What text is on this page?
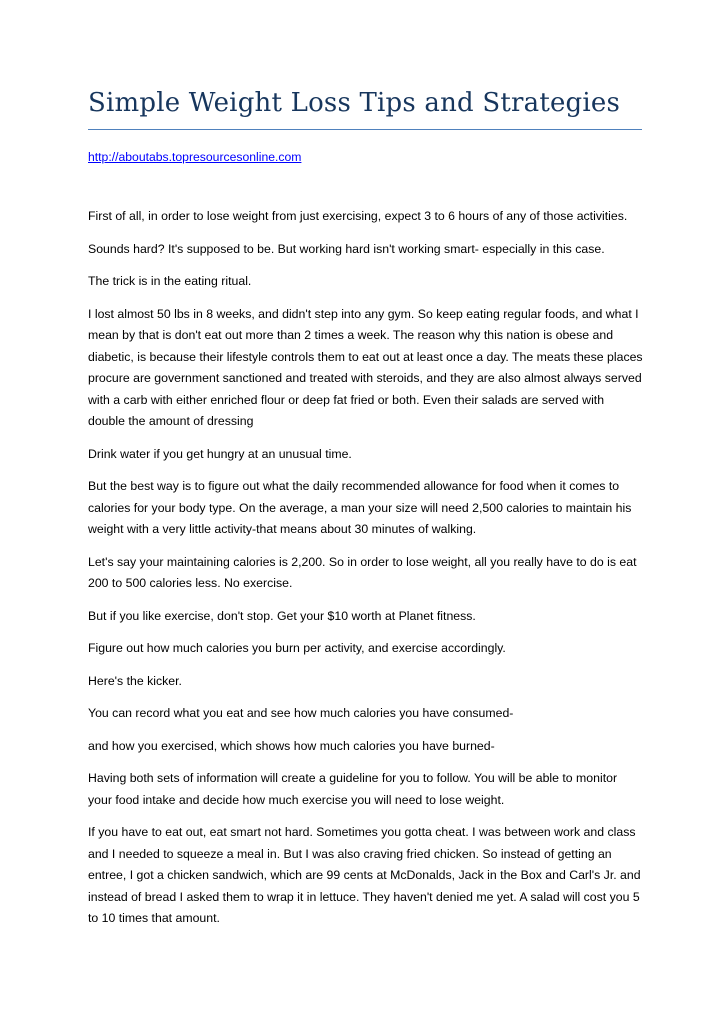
Simple Weight Loss Tips and Strategies
http://aboutabs.topresourcesonline.com

First of all, in order to lose weight from just exercising, expect 3 to 6 hours of any of those activities.

Sounds hard? It's supposed to be. But working hard isn't working smart- especially in this case.

The trick is in the eating ritual.

I lost almost 50 lbs in 8 weeks, and didn't step into any gym. So keep eating regular foods, and what I mean by that is don't eat out more than 2 times a week. The reason why this nation is obese and diabetic, is because their lifestyle controls them to eat out at least once a day. The meats these places procure are government sanctioned and treated with steroids, and they are also almost always served with a carb with either enriched flour or deep fat fried or both. Even their salads are served with double the amount of dressing

Drink water if you get hungry at an unusual time.

But the best way is to figure out what the daily recommended allowance for food when it comes to calories for your body type. On the average, a man your size will need 2,500 calories to maintain his weight with a very little activity-that means about 30 minutes of walking.

Let's say your maintaining calories is 2,200. So in order to lose weight, all you really have to do is eat 200 to 500 calories less. No exercise.

But if you like exercise, don't stop. Get your $10 worth at Planet fitness.

Figure out how much calories you burn per activity, and exercise accordingly.

Here's the kicker.

You can record what you eat and see how much calories you have consumed-

and how you exercised, which shows how much calories you have burned-

Having both sets of information will create a guideline for you to follow. You will be able to monitor your food intake and decide how much exercise you will need to lose weight.

If you have to eat out, eat smart not hard. Sometimes you gotta cheat. I was between work and class and I needed to squeeze a meal in. But I was also craving fried chicken. So instead of getting an entree, I got a chicken sandwich, which are 99 cents at McDonalds, Jack in the Box and Carl's Jr. and instead of bread I asked them to wrap it in lettuce. They haven't denied me yet. A salad will cost you 5 to 10 times that amount.
